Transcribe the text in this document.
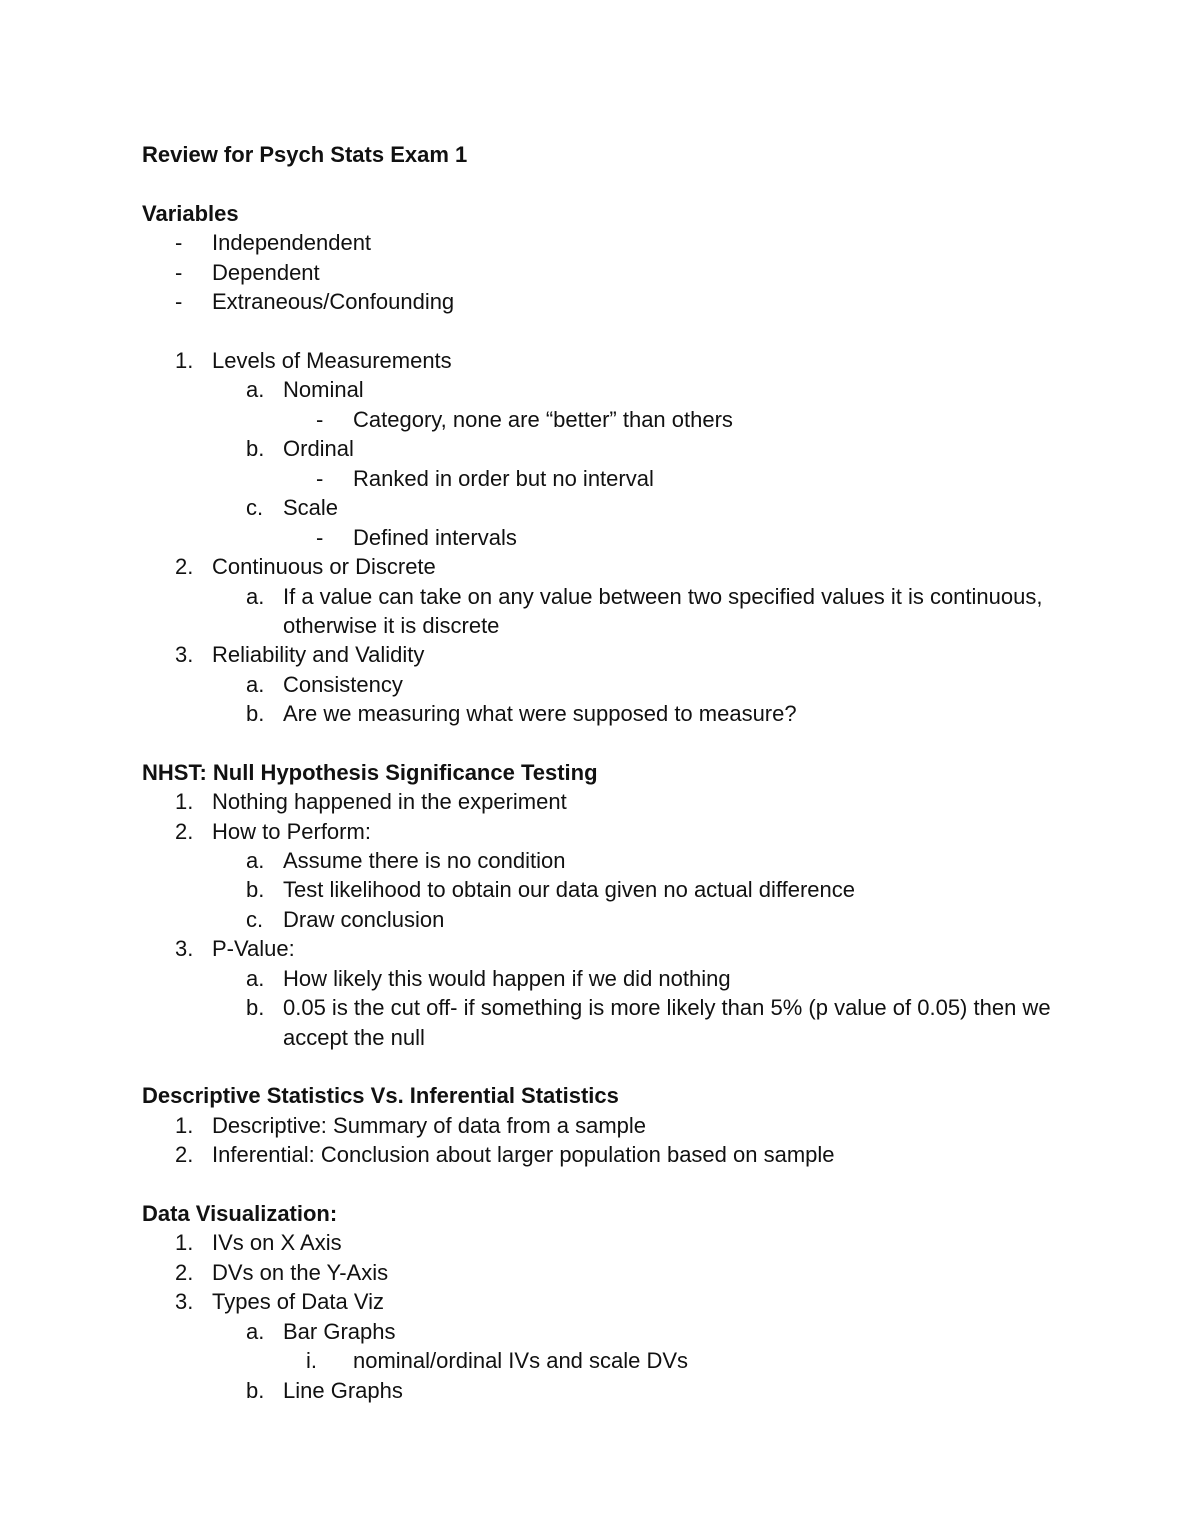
Review for Psych Stats Exam 1
Variables
- Independendent
- Dependent
- Extraneous/Confounding
1. Levels of Measurements
a. Nominal
- Category, none are “better” than others
b. Ordinal
- Ranked in order but no interval
c. Scale
- Defined intervals
2. Continuous or Discrete
a. If a value can take on any value between two specified values it is continuous,
otherwise it is discrete
3. Reliability and Validity
a. Consistency
b. Are we measuring what were supposed to measure?
NHST: Null Hypothesis Significance Testing
1. Nothing happened in the experiment
2. How to Perform:
a. Assume there is no condition
b. Test likelihood to obtain our data given no actual difference
c. Draw conclusion
3. P-Value:
a. How likely this would happen if we did nothing
b. 0.05 is the cut off- if something is more likely than 5% (p value of 0.05) then we
accept the null
Descriptive Statistics Vs. Inferential Statistics
1. Descriptive: Summary of data from a sample
2. Inferential: Conclusion about larger population based on sample
Data Visualization:
1. IVs on X Axis
2. DVs on the Y-Axis
3. Types of Data Viz
a. Bar Graphs
i. nominal/ordinal IVs and scale DVs
b. Line Graphs
